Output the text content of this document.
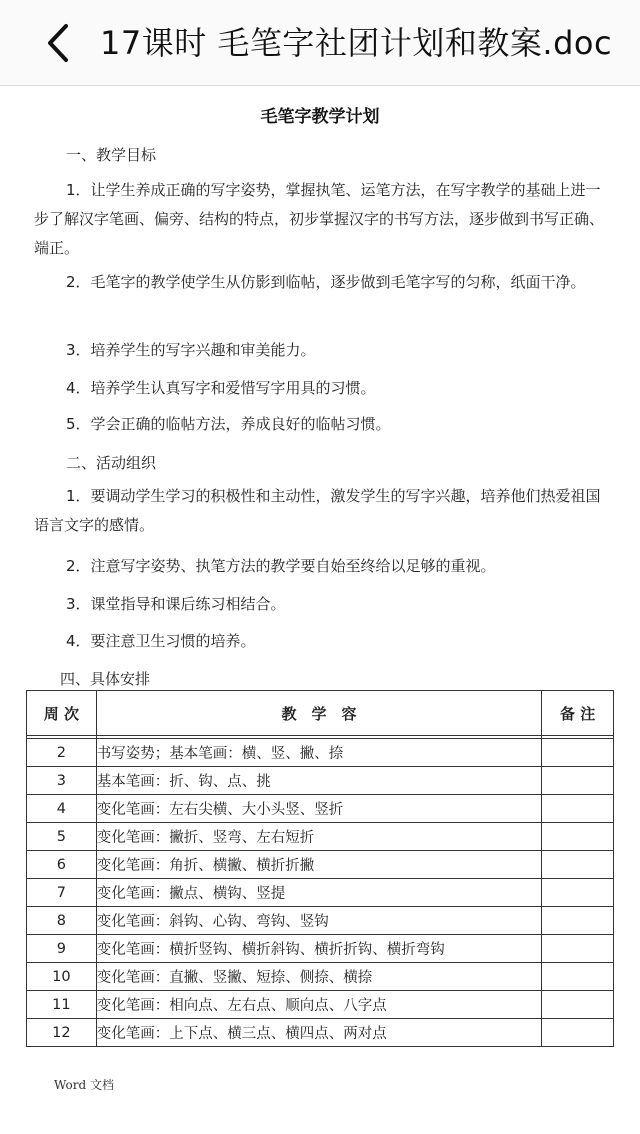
17课时 毛笔字社团计划和教案.doc
毛笔字教学计划
一、教学目标

1．让学生养成正确的写字姿势，掌握执笔、运笔方法，在写字教学的基础上进一步了解汉字笔画、偏旁、结构的特点，初步掌握汉字的书写方法，逐步做到书写正确、端正。

2．毛笔字的教学使学生从仿影到临帖，逐步做到毛笔字写的匀称，纸面干净。

3．培养学生的写字兴趣和审美能力。

4．培养学生认真写字和爱惜写字用具的习惯。

5．学会正确的临帖方法，养成良好的临帖习惯。

二、活动组织

1．要调动学生学习的积极性和主动性，激发学生的写字兴趣，培养他们热爱祖国语言文字的感情。

2．注意写字姿势、执笔方法的教学要自始至终给以足够的重视。

3．课堂指导和课后练习相结合。

4．要注意卫生习惯的培养。

四、具体安排
周 次	教　学　容	备 注

2	书写姿势；基本笔画：横、竖、撇、捺	
3	基本笔画：折、钩、点、挑	
4	变化笔画：左右尖横、大小头竖、竖折	
5	变化笔画：撇折、竖弯、左右短折	
6	变化笔画：角折、横撇、横折折撇	
7	变化笔画：撇点、横钩、竖提	
8	变化笔画：斜钩、心钩、弯钩、竖钩	
9	变化笔画：横折竖钩、横折斜钩、横折折钩、横折弯钩	
10	变化笔画：直撇、竖撇、短捺、侧捺、横捺	
11	变化笔画：相向点、左右点、顺向点、八字点	
12	变化笔画：上下点、横三点、横四点、两对点	
Word 文档
